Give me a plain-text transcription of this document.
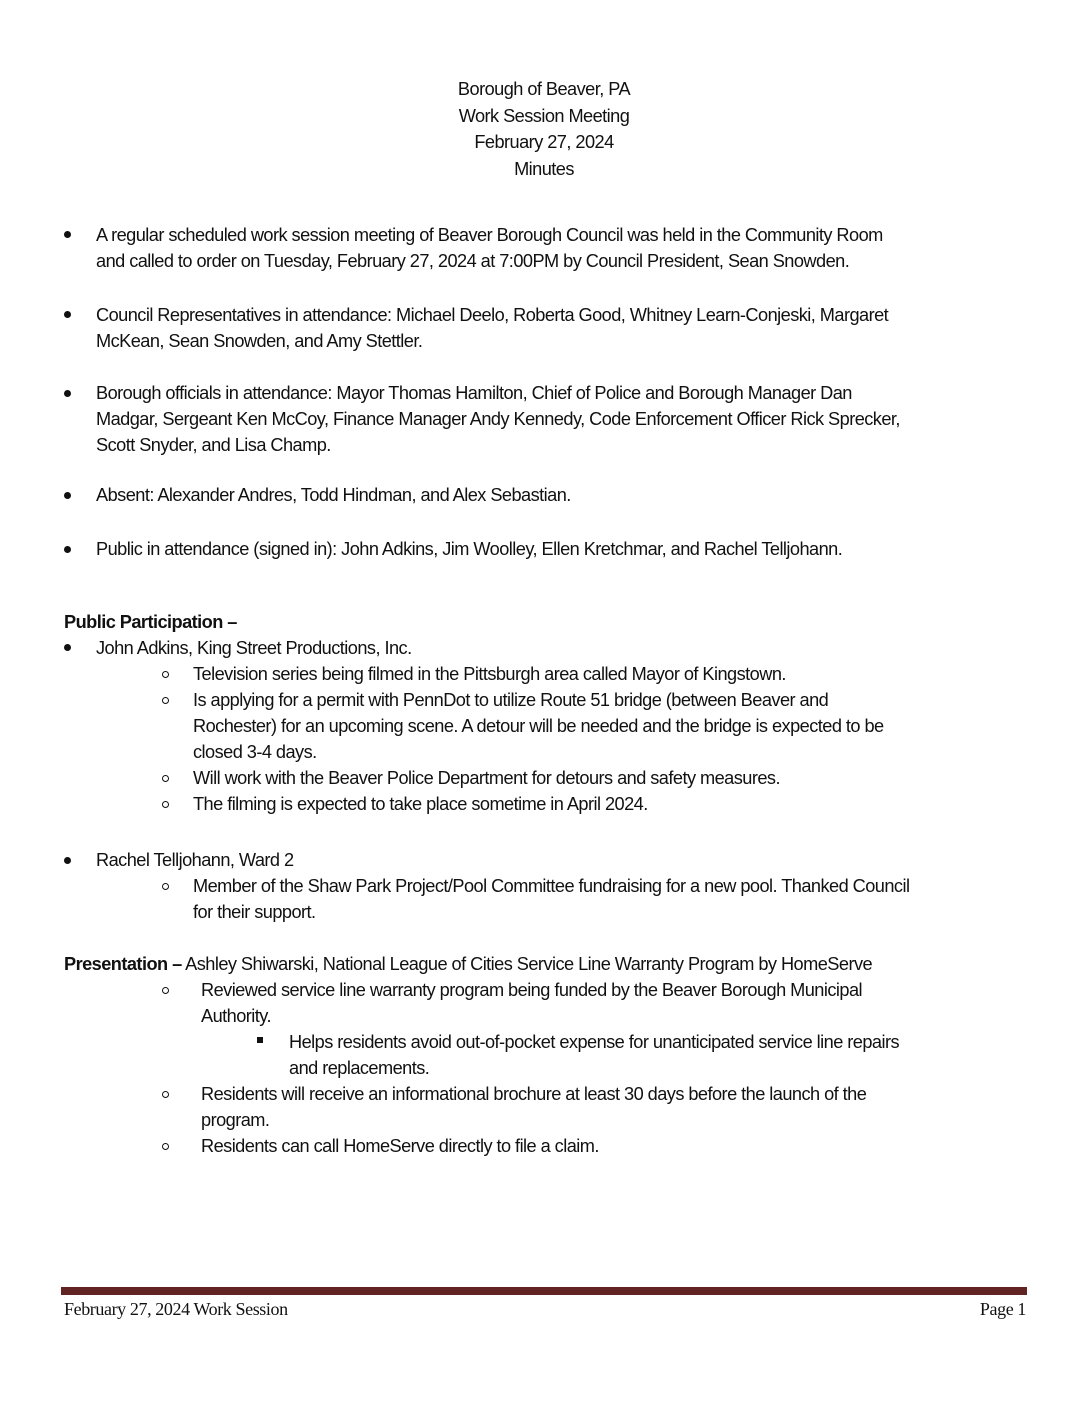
Borough of Beaver, PA
Work Session Meeting
February 27, 2024
Minutes
A regular scheduled work session meeting of Beaver Borough Council was held in the Community Room
and called to order on Tuesday, February 27, 2024 at 7:00PM by Council President, Sean Snowden.
Council Representatives in attendance: Michael Deelo, Roberta Good, Whitney Learn-Conjeski, Margaret
McKean, Sean Snowden, and Amy Stettler.
Borough officials in attendance: Mayor Thomas Hamilton, Chief of Police and Borough Manager Dan
Madgar, Sergeant Ken McCoy, Finance Manager Andy Kennedy, Code Enforcement Officer Rick Sprecker,
Scott Snyder, and Lisa Champ.
Absent: Alexander Andres, Todd Hindman, and Alex Sebastian.
Public in attendance (signed in): John Adkins, Jim Woolley, Ellen Kretchmar, and Rachel Telljohann.
Public Participation –
John Adkins, King Street Productions, Inc.
Television series being filmed in the Pittsburgh area called Mayor of Kingstown.
Is applying for a permit with PennDot to utilize Route 51 bridge (between Beaver and
Rochester) for an upcoming scene. A detour will be needed and the bridge is expected to be
closed 3-4 days.
Will work with the Beaver Police Department for detours and safety measures.
The filming is expected to take place sometime in April 2024.
Rachel Telljohann, Ward 2
Member of the Shaw Park Project/Pool Committee fundraising for a new pool. Thanked Council
for their support.
Presentation – Ashley Shiwarski, National League of Cities Service Line Warranty Program by HomeServe
Reviewed service line warranty program being funded by the Beaver Borough Municipal
Authority.
Helps residents avoid out-of-pocket expense for unanticipated service line repairs
and replacements.
Residents will receive an informational brochure at least 30 days before the launch of the
program.
Residents can call HomeServe directly to file a claim.
February 27, 2024 Work Session	Page 1
